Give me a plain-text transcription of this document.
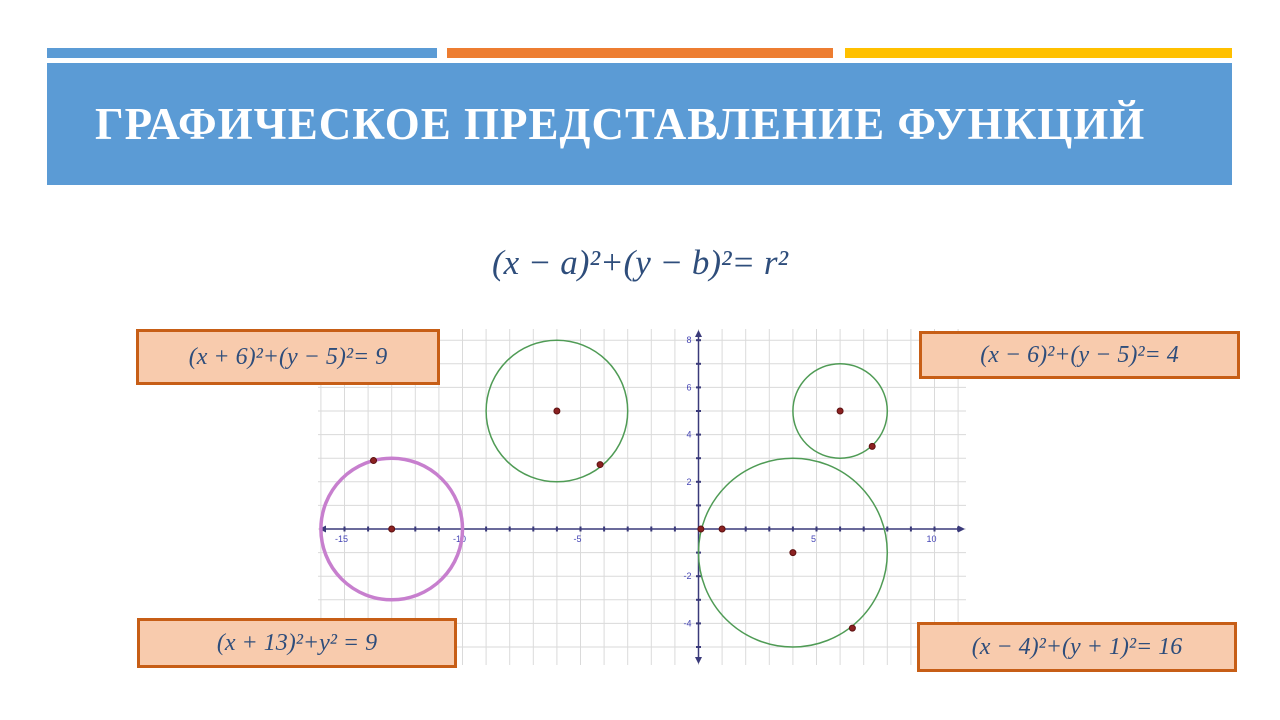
ГРАФИЧЕСКОЕ ПРЕДСТАВЛЕНИЕ ФУНКЦИЙ
(x − a)²+(y − b)²= r²
-15	-10	-5	5	10
8
6
4
2
-2
-4
(x + 6)²+(y − 5)²= 9	(x − 6)²+(y − 5)²= 4
(x + 13)²+y² = 9	(x − 4)²+(y + 1)²= 16
